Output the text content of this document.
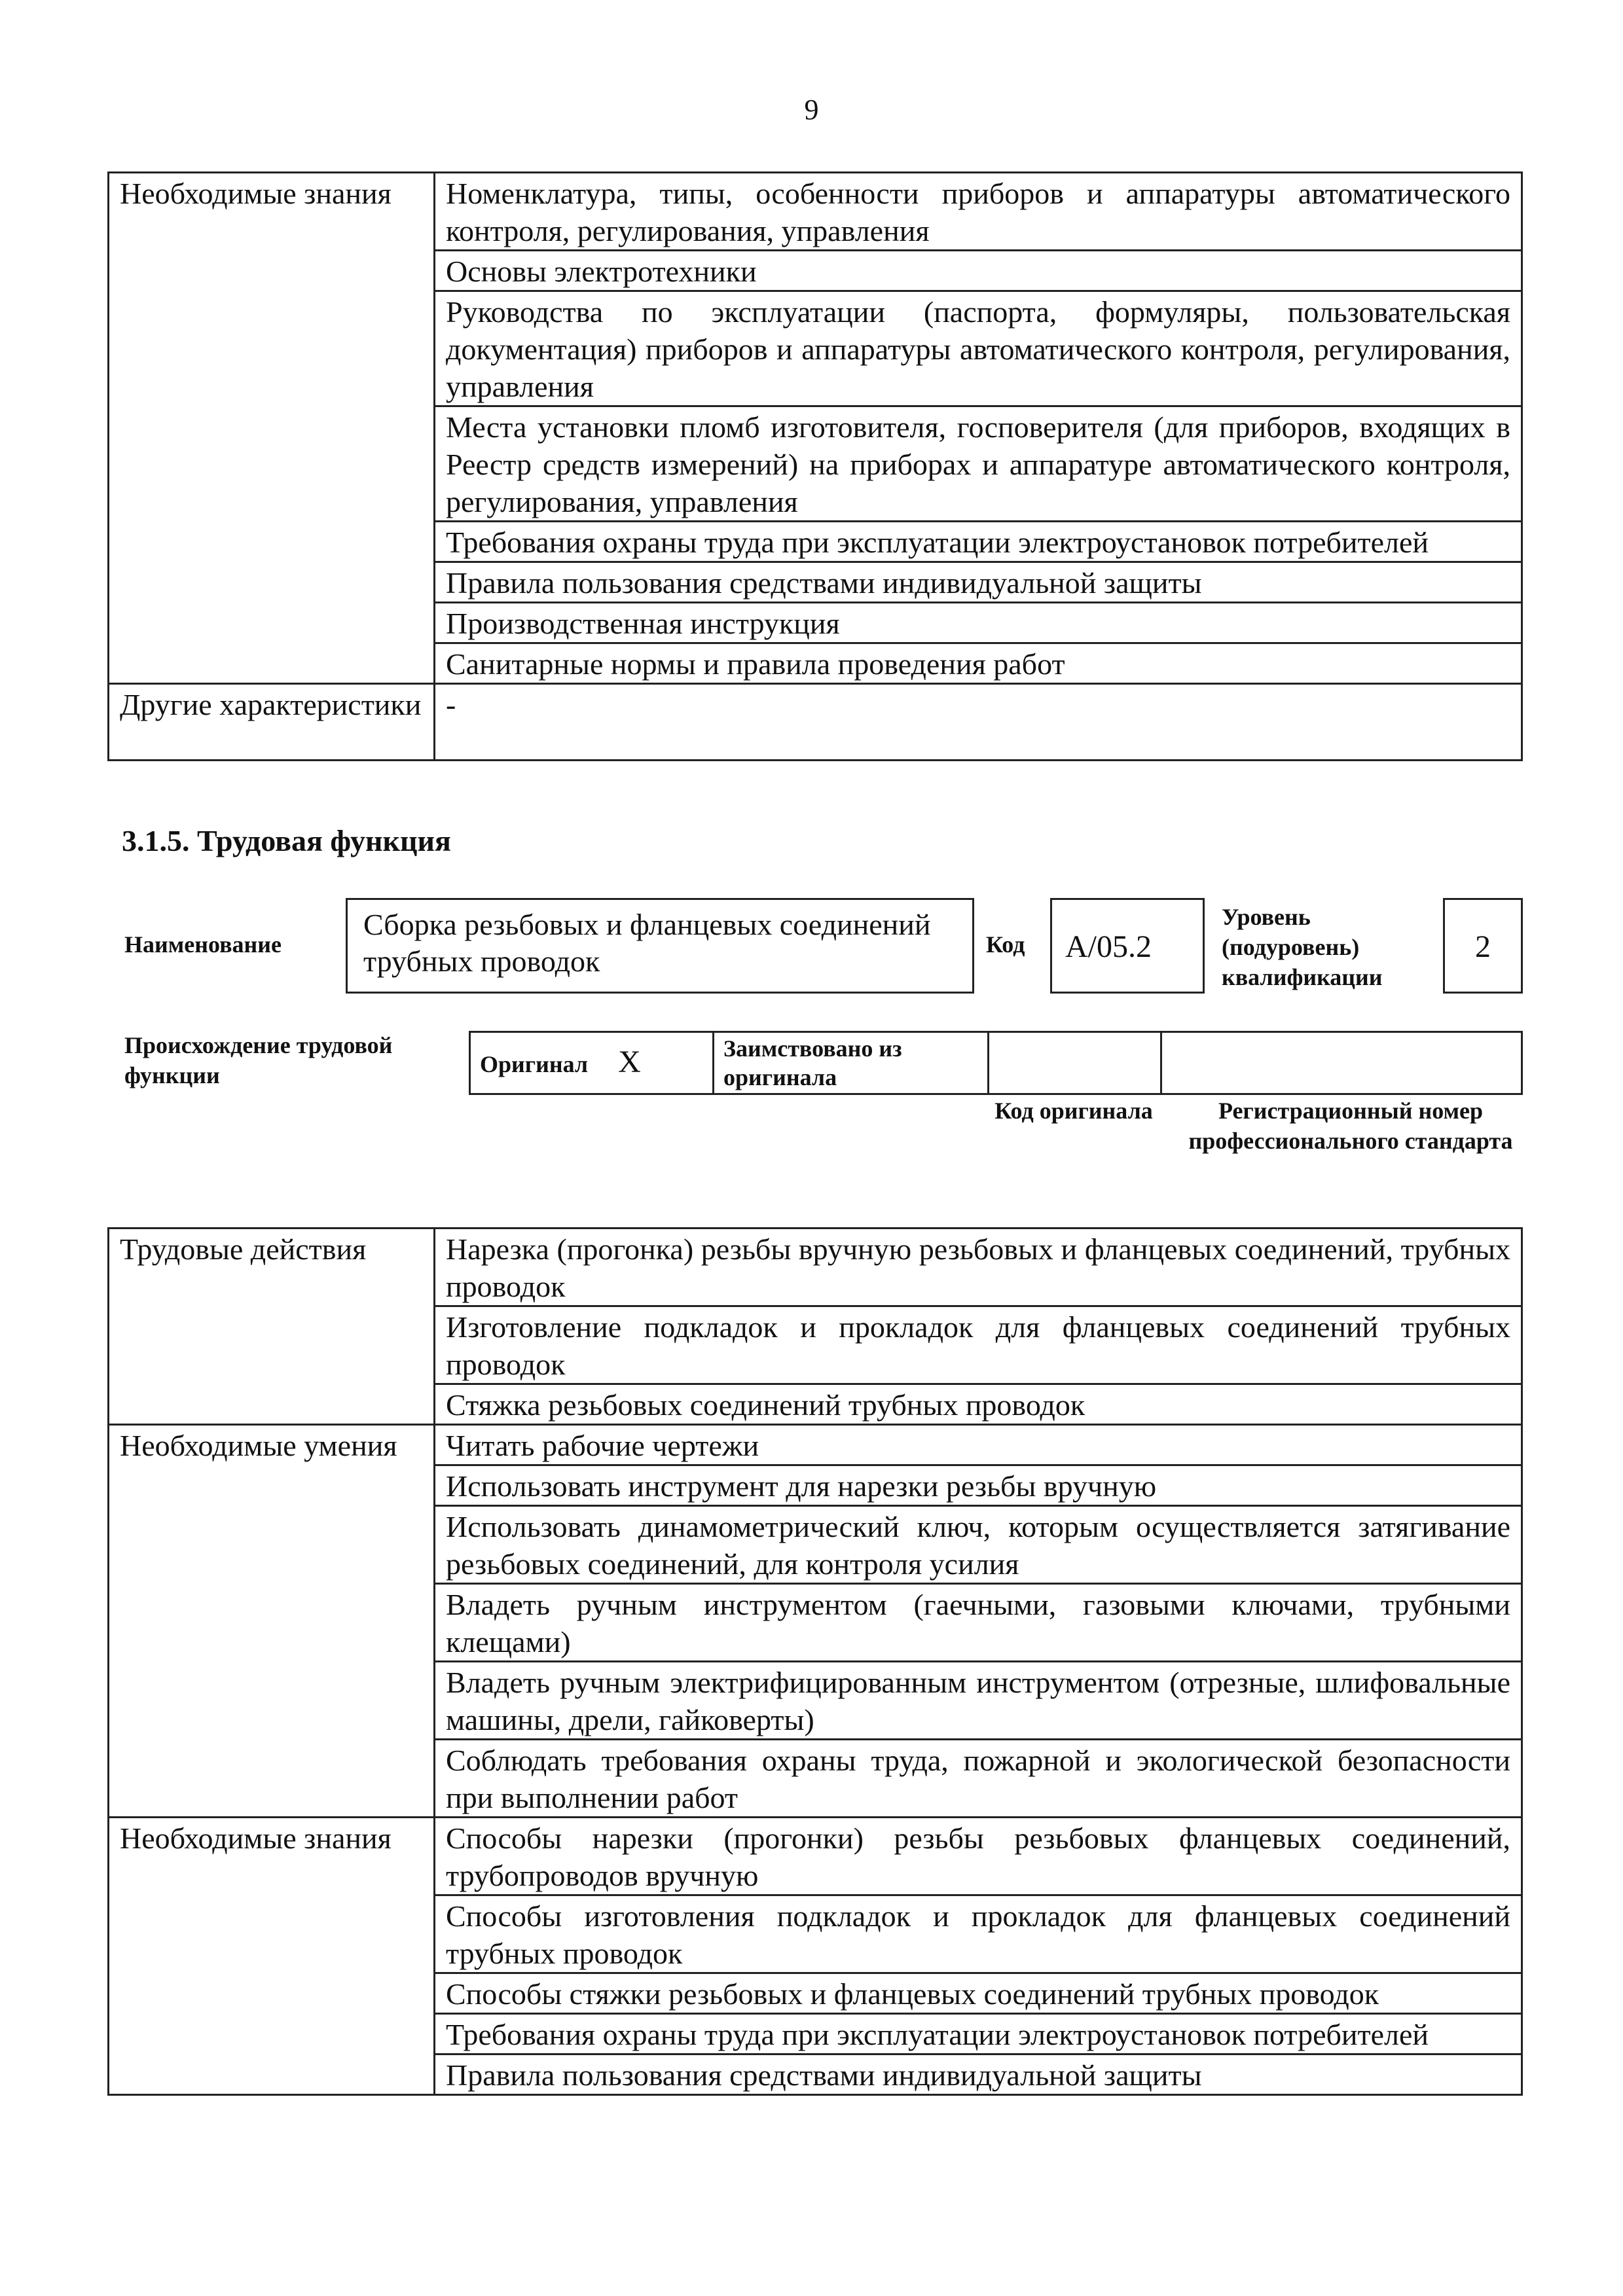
9
Необходимые знания	Номенклатура, типы, особенности приборов и аппаратуры автоматического контроля, регулирования, управления
	Основы электротехники
	Руководства по эксплуатации (паспорта, формуляры, пользовательская документация) приборов и аппаратуры автоматического контроля, регулирования, управления
	Места установки пломб изготовителя, госповерителя (для приборов, входящих в Реестр средств измерений) на приборах и аппаратуре автоматического контроля, регулирования, управления
	Требования охраны труда при эксплуатации электроустановок потребителей
	Правила пользования средствами индивидуальной защиты
	Производственная инструкция
	Санитарные нормы и правила проведения работ
Другие характеристики	-
3.1.5. Трудовая функция
Наименование
Сборка резьбовых и фланцевых соединений трубных проводок	Код	A/05.2
Уровень (подуровень) квалификации
2
Происхождение трудовой функции	Оригинал X	Заимствовано из оригинала		
Код оригинала	Регистрационный номер профессионального стандарта
Трудовые действия	Нарезка (прогонка) резьбы вручную резьбовых и фланцевых соединений, трубных проводок
	Изготовление подкладок и прокладок для фланцевых соединений трубных проводок
	Стяжка резьбовых соединений трубных проводок
Необходимые умения	Читать рабочие чертежи
	Использовать инструмент для нарезки резьбы вручную
	Использовать динамометрический ключ, которым осуществляется затягивание резьбовых соединений, для контроля усилия
	Владеть ручным инструментом (гаечными, газовыми ключами, трубными клещами)
	Владеть ручным электрифицированным инструментом (отрезные, шлифовальные машины, дрели, гайковерты)
	Соблюдать требования охраны труда, пожарной и экологической безопасности при выполнении работ
Необходимые знания	Способы нарезки (прогонки) резьбы резьбовых фланцевых соединений, трубопроводов вручную
	Способы изготовления подкладок и прокладок для фланцевых соединений трубных проводок
	Способы стяжки резьбовых и фланцевых соединений трубных проводок
	Требования охраны труда при эксплуатации электроустановок потребителей
	Правила пользования средствами индивидуальной защиты
